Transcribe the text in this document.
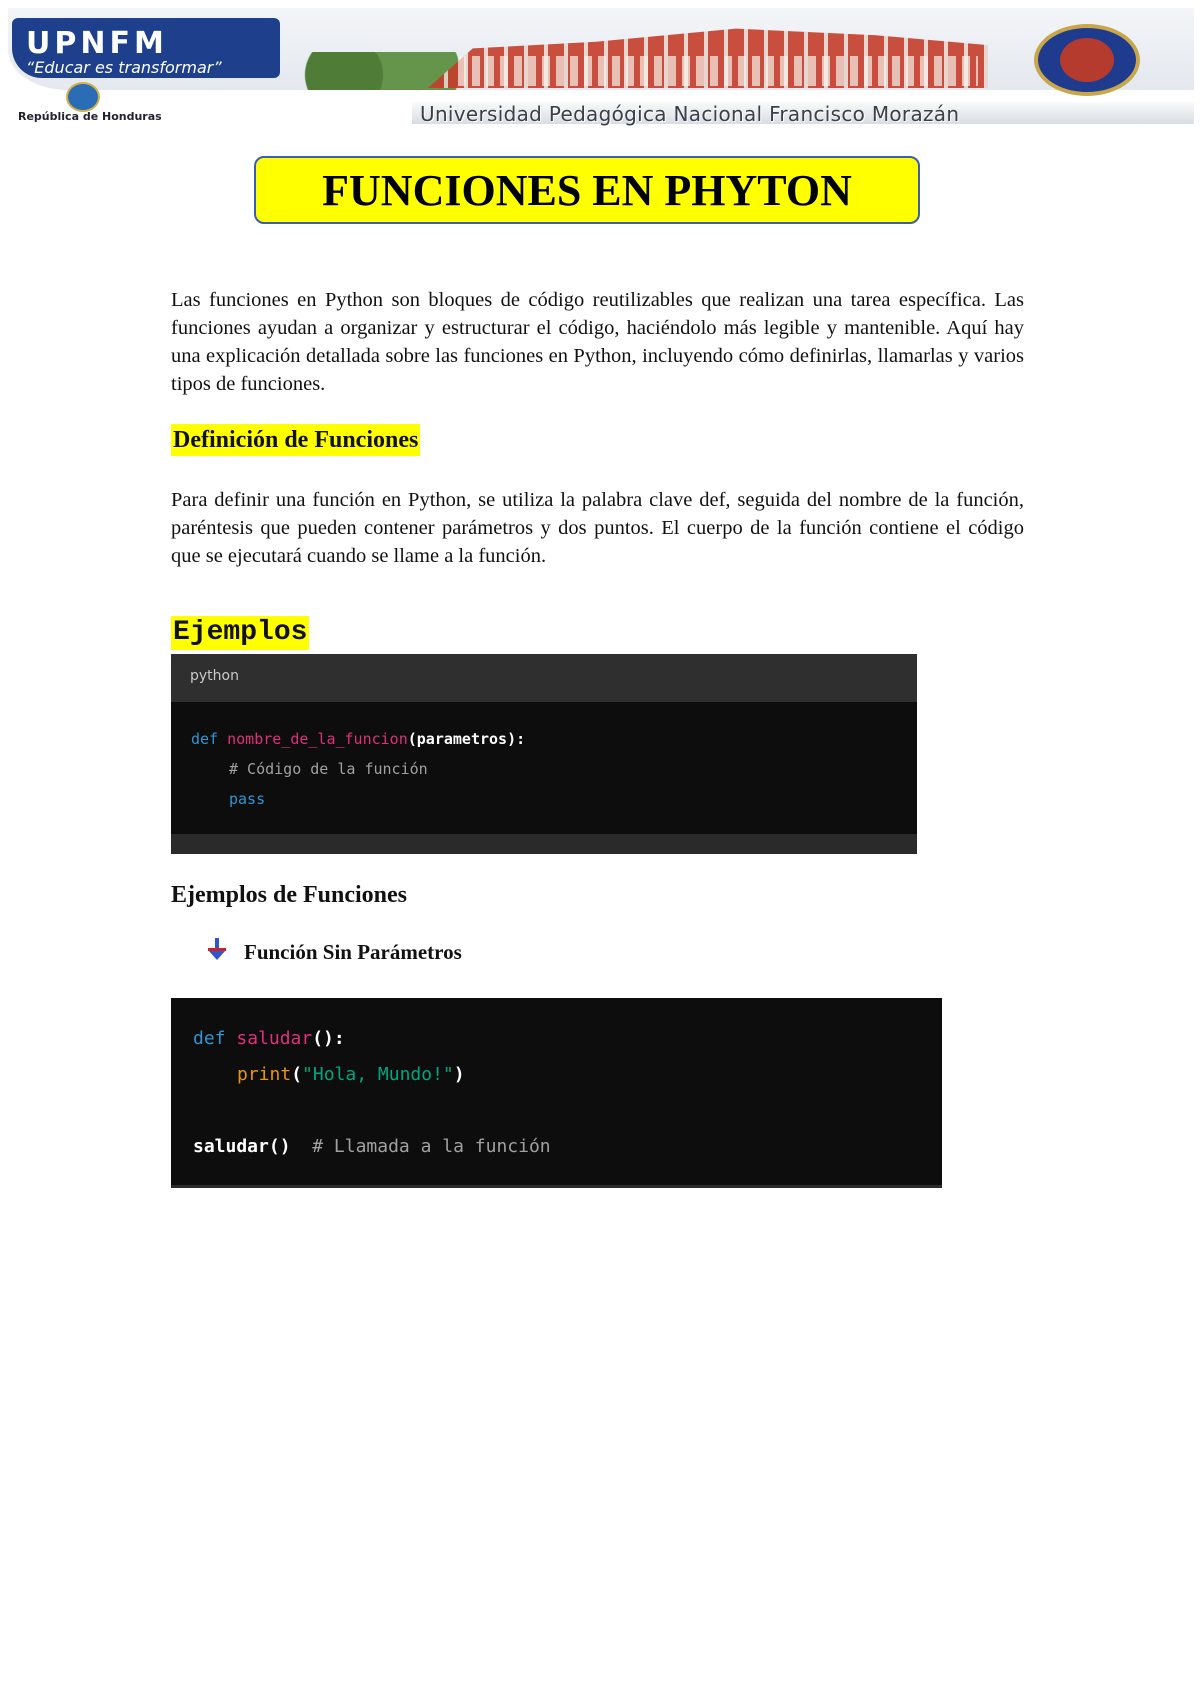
UPNFM
“Educar es transformar”
República de Honduras	Universidad Pedagógica Nacional Francisco Morazán
FUNCIONES EN PHYTON

Las funciones en Python son bloques de código reutilizables que realizan una tarea específica. Las funciones ayudan a organizar y estructurar el código, haciéndolo más legible y mantenible. Aquí hay una explicación detallada sobre las funciones en Python, incluyendo cómo definirlas, llamarlas y varios tipos de funciones.

Definición de Funciones

Para definir una función en Python, se utiliza la palabra clave def, seguida del nombre de la función, paréntesis que pueden contener parámetros y dos puntos. El cuerpo de la función contiene el código que se ejecutará cuando se llame a la función.

Ejemplos
python
def nombre_de_la_funcion(parametros):
# Código de la función
pass
Ejemplos de Funciones
Función Sin Parámetros
def saludar():
print("Hola, Mundo!")
saludar() # Llamada a la función
